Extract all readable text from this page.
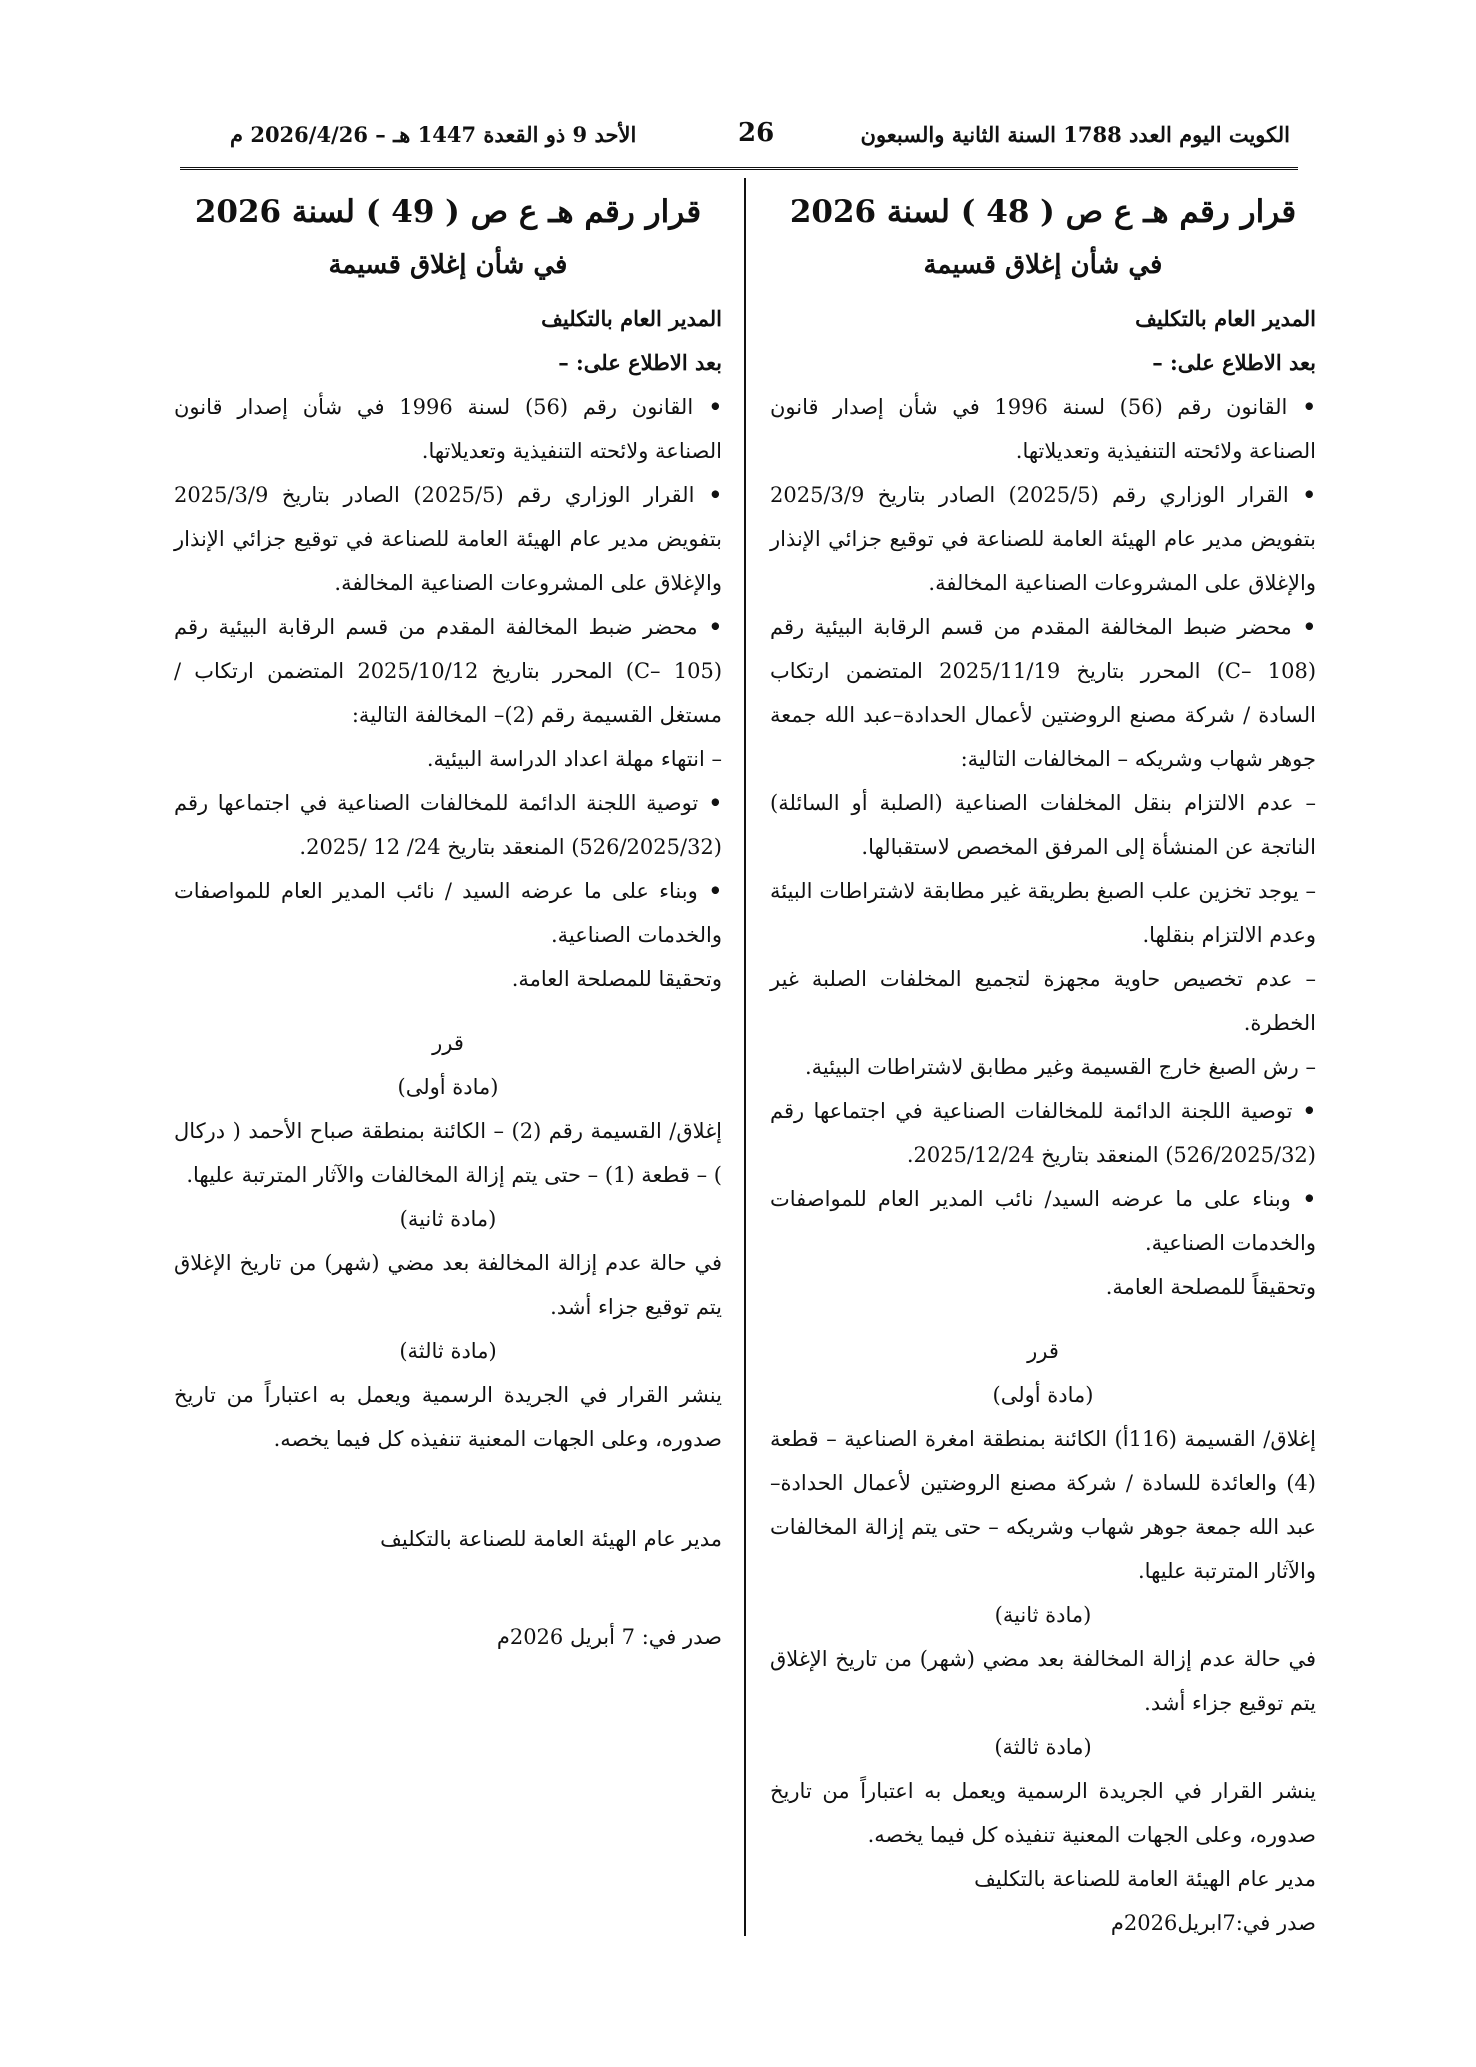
الكويت اليوم العدد 1788 السنة الثانية والسبعون
26
الأحد 9 ذو القعدة 1447 هـ – 2026/4/26 م

قرار رقم هـ ع ص ( 48 ) لسنة 2026

في شأن إغلاق قسيمة

المدير العام بالتكليف

بعد الاطلاع على: –

• القانون رقم (56) لسنة 1996 في شأن إصدار قانون الصناعة ولائحته التنفيذية وتعديلاتها.

• القرار الوزاري رقم (2025/5) الصادر بتاريخ 2025/3/9 بتفويض مدير عام الهيئة العامة للصناعة في توقيع جزائي الإنذار والإغلاق على المشروعات الصناعية المخالفة.

• محضر ضبط المخالفة المقدم من قسم الرقابة البيئية رقم (C– 108) المحرر بتاريخ 2025/11/19 المتضمن ارتكاب السادة / شركة مصنع الروضتين لأعمال الحدادة–عبد الله جمعة جوهر شهاب وشريكه – المخالفات التالية:

– عدم الالتزام بنقل المخلفات الصناعية (الصلبة أو السائلة) الناتجة عن المنشأة إلى المرفق المخصص لاستقبالها.

– يوجد تخزين علب الصبغ بطريقة غير مطابقة لاشتراطات البيئة وعدم الالتزام بنقلها.

– عدم تخصيص حاوية مجهزة لتجميع المخلفات الصلبة غير الخطرة.

– رش الصبغ خارج القسيمة وغير مطابق لاشتراطات البيئية.

• توصية اللجنة الدائمة للمخالفات الصناعية في اجتماعها رقم (526/2025/32) المنعقد بتاريخ 2025/12/24.

• وبناء على ما عرضه السيد/ نائب المدير العام للمواصفات والخدمات الصناعية.

وتحقيقاً للمصلحة العامة.

قرر

(مادة أولى)

إغلاق/ القسيمة (116أ) الكائنة بمنطقة امغرة الصناعية – قطعة (4) والعائدة للسادة / شركة مصنع الروضتين لأعمال الحدادة–عبد الله جمعة جوهر شهاب وشريكه – حتى يتم إزالة المخالفات والآثار المترتبة عليها.

(مادة ثانية)

في حالة عدم إزالة المخالفة بعد مضي (شهر) من تاريخ الإغلاق يتم توقيع جزاء أشد.

(مادة ثالثة)

ينشر القرار في الجريدة الرسمية ويعمل به اعتباراً من تاريخ صدوره، وعلى الجهات المعنية تنفيذه كل فيما يخصه.

مدير عام الهيئة العامة للصناعة بالتكليف

صدر في:7ابريل2026م

قرار رقم هـ ع ص ( 49 ) لسنة 2026

في شأن إغلاق قسيمة

المدير العام بالتكليف

بعد الاطلاع على: –

• القانون رقم (56) لسنة 1996 في شأن إصدار قانون الصناعة ولائحته التنفيذية وتعديلاتها.

• القرار الوزاري رقم (2025/5) الصادر بتاريخ 2025/3/9 بتفويض مدير عام الهيئة العامة للصناعة في توقيع جزائي الإنذار والإغلاق على المشروعات الصناعية المخالفة.

• محضر ضبط المخالفة المقدم من قسم الرقابة البيئية رقم (C– 105) المحرر بتاريخ 2025/10/12 المتضمن ارتكاب / مستغل القسيمة رقم (2)– المخالفة التالية:

– انتهاء مهلة اعداد الدراسة البيئية.

• توصية اللجنة الدائمة للمخالفات الصناعية في اجتماعها رقم (526/2025/32) المنعقد بتاريخ 24/ 12 /2025.

• وبناء على ما عرضه السيد / نائب المدير العام للمواصفات والخدمات الصناعية.

وتحقيقا للمصلحة العامة.

قرر

(مادة أولى)

إغلاق/ القسيمة رقم (2) – الكائنة بمنطقة صباح الأحمد ( دركال ) – قطعة (1) – حتى يتم إزالة المخالفات والآثار المترتبة عليها.

(مادة ثانية)

في حالة عدم إزالة المخالفة بعد مضي (شهر) من تاريخ الإغلاق يتم توقيع جزاء أشد.

(مادة ثالثة)

ينشر القرار في الجريدة الرسمية ويعمل به اعتباراً من تاريخ صدوره، وعلى الجهات المعنية تنفيذه كل فيما يخصه.

مدير عام الهيئة العامة للصناعة بالتكليف

صدر في: 7 أبريل 2026م
